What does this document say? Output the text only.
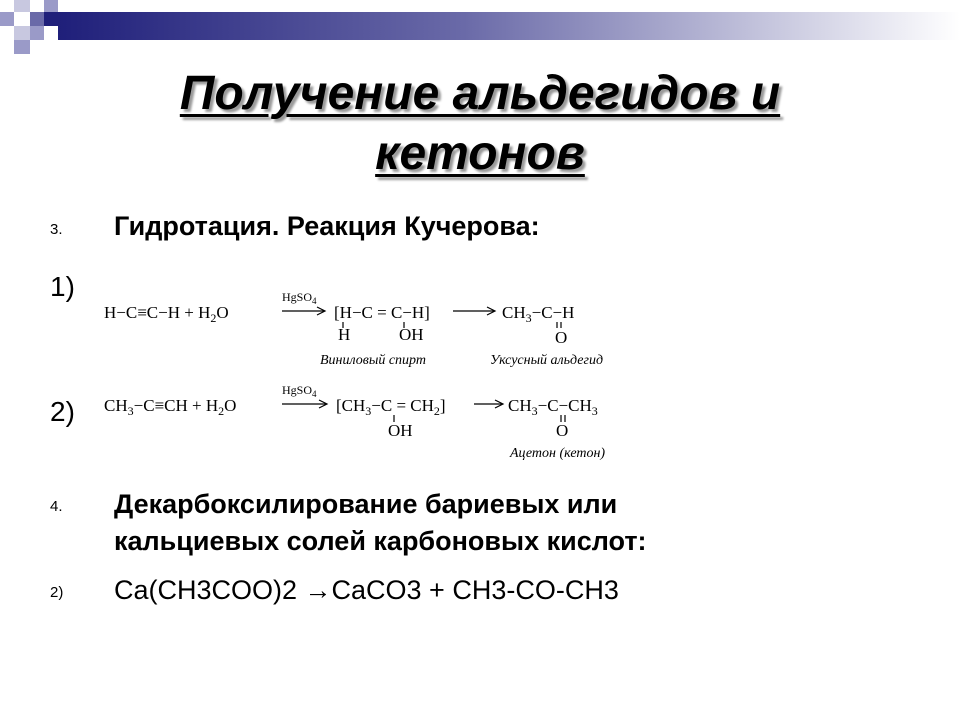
Получение альдегидов и
кетонов
3. Гидротация. Реакция Кучерова:
1)
$H-C\equiv C-H + H_2O$
HgSO$_4$
[H−C = C−H]
H	OH
$CH_3-C-H$
O
Виниловый спирт	Уксусный альдегид
2) $CH_3-C\equiv CH + H_2O$
HgSO$_4$
$[CH_3-C = CH_2]$
OH
$CH_3-C-CH_3$
O
Ацетон (кетон)
4. Декарбоксилирование бариевых или
кальциевых солей карбоновых кислот:
2) Ca(CH3COO)2 →CaCO3 + CH3-CO-CH3
